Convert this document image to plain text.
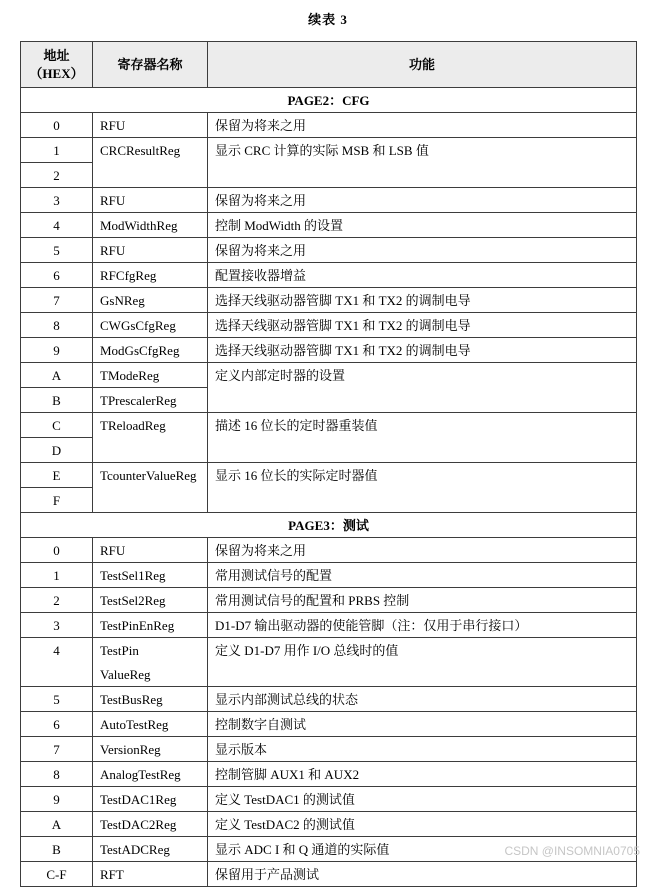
续表 3
地址
（HEX）	寄存器名称	功能
PAGE2：CFG		

0	RFU	保留为将来之用

1	CRCResultReg	显示 CRC 计算的实际 MSB 和 LSB 值

2		

3	RFU	保留为将来之用

4	ModWidthReg	控制 ModWidth 的设置

5	RFU	保留为将来之用

6	RFCfgReg	配置接收器增益

7	GsNReg	选择天线驱动器管脚 TX1 和 TX2 的调制电导

8	CWGsCfgReg	选择天线驱动器管脚 TX1 和 TX2 的调制电导

9	ModGsCfgReg	选择天线驱动器管脚 TX1 和 TX2 的调制电导

A	TModeReg	定义内部定时器的设置

B	TPrescalerReg	

C	TReloadReg	描述 16 位长的定时器重装值

D		

E	TcounterValueReg	显示 16 位长的实际定时器值

F		

PAGE3：测试		

0	RFU	保留为将来之用

1	TestSel1Reg	常用测试信号的配置

2	TestSel2Reg	常用测试信号的配置和 PRBS 控制

3	TestPinEnReg	D1-D7 输出驱动器的使能管脚（注：仅用于串行接口）

4	TestPin
ValueReg	定义 D1-D7 用作 I/O 总线时的值

5	TestBusReg	显示内部测试总线的状态

6	AutoTestReg	控制数字自测试

7	VersionReg	显示版本

8	AnalogTestReg	控制管脚 AUX1 和 AUX2

9	TestDAC1Reg	定义 TestDAC1 的测试值

A	TestDAC2Reg	定义 TestDAC2 的测试值

B	TestADCReg	显示 ADC I 和 Q 通道的实际值

C-F	RFT	保留用于产品测试
CSDN @INSOMNIA0705
